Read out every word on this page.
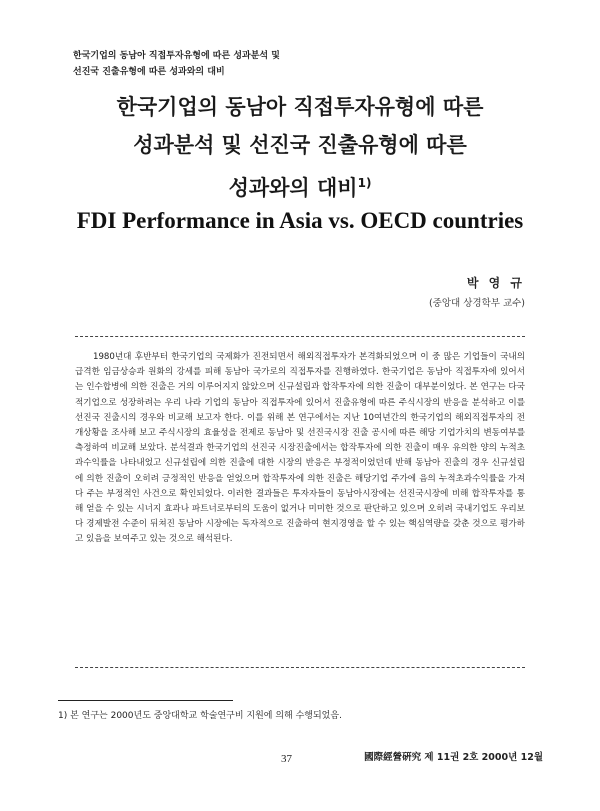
한국기업의 동남아 직접투자유형에 따른 성과분석 및
선진국 진출유형에 따른 성과와의 대비
한국기업의 동남아 직접투자유형에 따른
성과분석 및 선진국 진출유형에 따른
성과와의 대비$^{1)}$
FDI Performance in Asia vs. OECD countries
박 영 규
(중앙대 상경학부 교수)

1980년대 후반부터 한국기업의 국제화가 진전되면서 해외직접투자가 본격화되었으며 이 중 많은 기업들이 국내의 급격한 임금상승과 원화의 강세를 피해 동남아 국가로의 직접투자를 진행하였다. 한국기업은 동남아 직접투자에 있어서는 인수합병에 의한 진출은 거의 이루어지지 않았으며 신규설립과 합작투자에 의한 진출이 대부분이었다. 본 연구는 다국적기업으로 성장하려는 우리 나라 기업의 동남아 직접투자에 있어서 진출유형에 따른 주식시장의 반응을 분석하고 이를 선진국 진출시의 경우와 비교해 보고자 한다. 이를 위해 본 연구에서는 지난 10여년간의 한국기업의 해외직접투자의 전개상황을 조사해 보고 주식시장의 효율성을 전제로 동남아 및 선진국시장 진출 공시에 따른 해당 기업가치의 변동여부를 측정하여 비교해 보았다. 분석결과 한국기업의 선진국 시장진출에서는 합작투자에 의한 진출이 매우 유의한 양의 누적초과수익률을 나타내었고 신규설립에 의한 진출에 대한 시장의 반응은 부정적이었던데 반해 동남아 진출의 경우 신규설립에 의한 진출이 오히려 긍정적인 반응을 얻었으며 합작투자에 의한 진출은 해당기업 주가에 음의 누적초과수익률을 가져다 주는 부정적인 사건으로 확인되었다. 이러한 결과들은 투자자들이 동남아시장에는 선진국시장에 비해 합작투자를 통해 얻을 수 있는 시너지 효과나 파트너로부터의 도움이 없거나 미미한 것으로 판단하고 있으며 오히려 국내기업도 우리보다 경제발전 수준이 뒤쳐진 동남아 시장에는 독자적으로 진출하여 현지경영을 할 수 있는 핵심역량을 갖춘 것으로 평가하고 있음을 보여주고 있는 것으로 해석된다.

1) 본 연구는 2000년도 중앙대학교 학술연구비 지원에 의해 수행되었음.
37	國際經營硏究 제 11권 2호 2000년 12월
